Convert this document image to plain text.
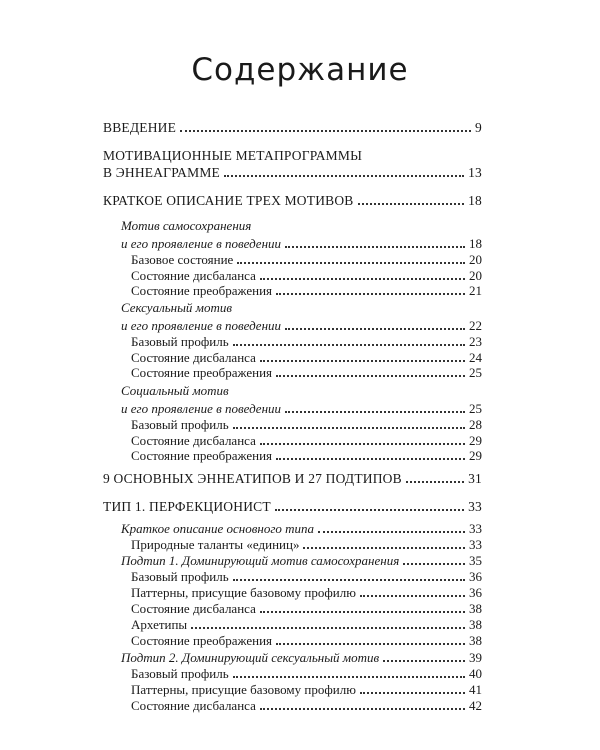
Содержание
ВВЕДЕНИЕ	9
МОТИВАЦИОННЫЕ МЕТАПРОГРАММЫ
В ЭННЕАГРАММЕ	13
КРАТКОЕ ОПИСАНИЕ ТРЕХ МОТИВОВ	18
Мотив самосохранения
и его проявление в поведении	18
Базовое состояние	20
Состояние дисбаланса	20
Состояние преображения	21
Сексуальный мотив
и его проявление в поведении	22
Базовый профиль	23
Состояние дисбаланса	24
Состояние преображения	25
Социальный мотив
и его проявление в поведении	25
Базовый профиль	28
Состояние дисбаланса	29
Состояние преображения	29
9 ОСНОВНЫХ ЭННЕАТИПОВ И 27 ПОДТИПОВ	31
ТИП 1. ПЕРФЕКЦИОНИСТ	33
Краткое описание основного типа	33
Природные таланты «единиц»	33
Подтип 1. Доминирующий мотив самосохранения	35
Базовый профиль	36
Паттерны, присущие базовому профилю	36
Состояние дисбаланса	38
Архетипы	38
Состояние преображения	38
Подтип 2. Доминирующий сексуальный мотив	39
Базовый профиль	40
Паттерны, присущие базовому профилю	41
Состояние дисбаланса	42
